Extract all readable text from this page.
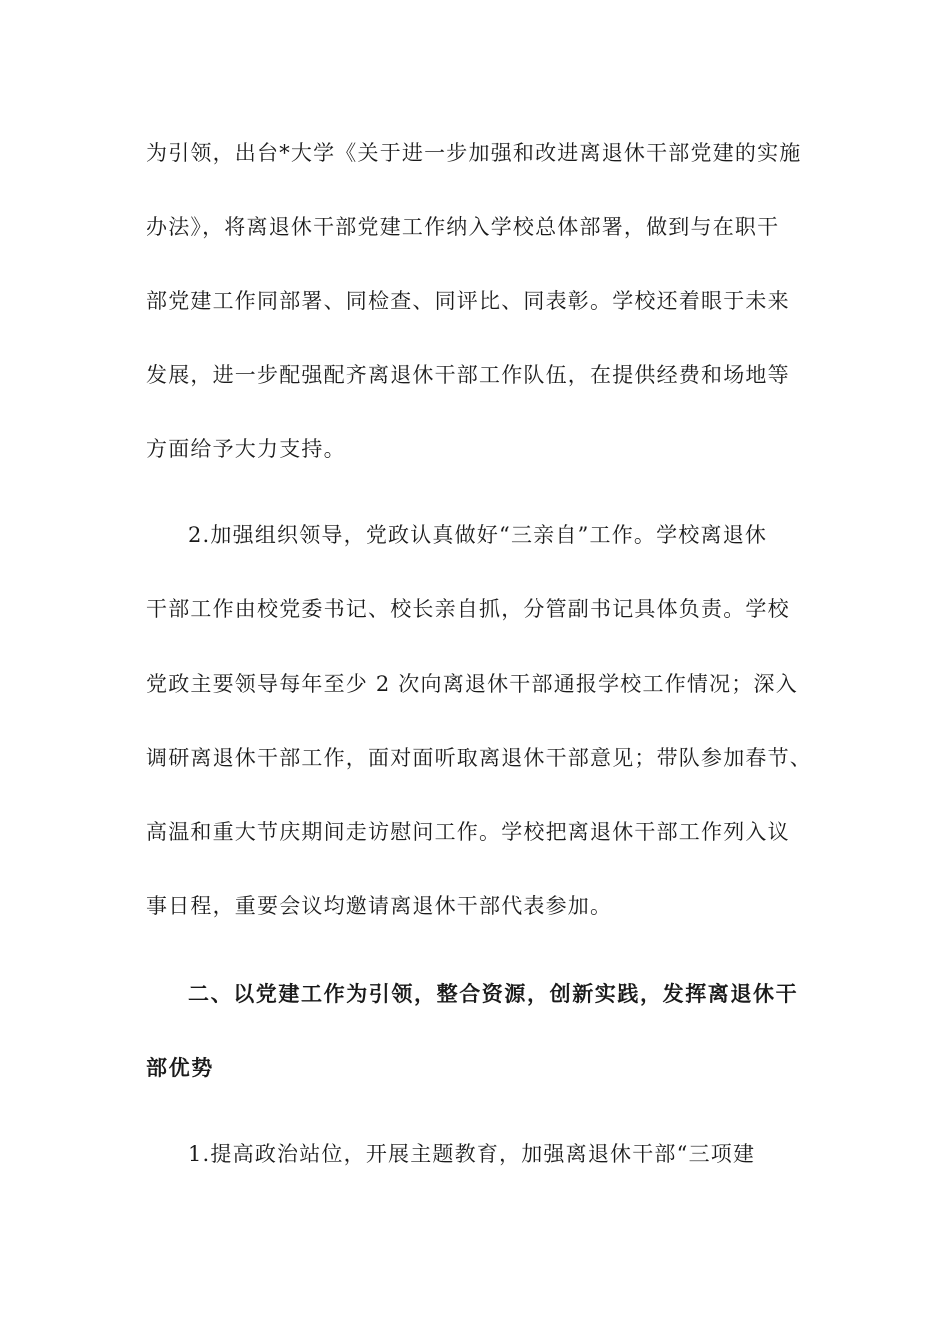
为引领，出台*大学《关于进一步加强和改进离退休干部党建的实施
办法》，将离退休干部党建工作纳入学校总体部署，做到与在职干
部党建工作同部署、同检查、同评比、同表彰。学校还着眼于未来
发展，进一步配强配齐离退休干部工作队伍，在提供经费和场地等
方面给予大力支持。
2.加强组织领导，党政认真做好“三亲自”工作。学校离退休
干部工作由校党委书记、校长亲自抓，分管副书记具体负责。学校
党政主要领导每年至少 2 次向离退休干部通报学校工作情况；深入
调研离退休干部工作，面对面听取离退休干部意见；带队参加春节、
高温和重大节庆期间走访慰问工作。学校把离退休干部工作列入议
事日程，重要会议均邀请离退休干部代表参加。
二、以党建工作为引领，整合资源，创新实践，发挥离退休干
部优势
1.提高政治站位，开展主题教育，加强离退休干部“三项建
